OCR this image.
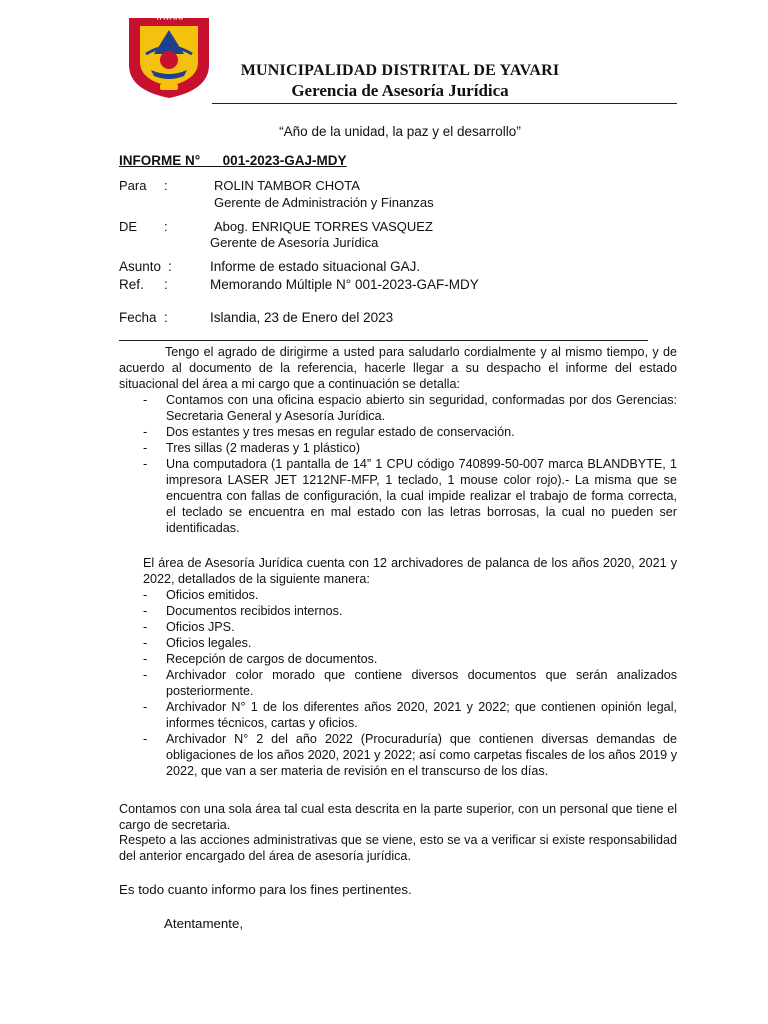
YAVARI
MUNICIPALIDAD DISTRITAL DE YAVARI
Gerencia de Asesoría Jurídica
“Año de la unidad, la paz y el desarrollo”
INFORME N° 001-2023-GAJ-MDY
Para :	ROLIN TAMBOR CHOTA
Gerente de Administración y Finanzas
DE :	Abog. ENRIQUE TORRES VASQUEZ
Gerente de Asesoría Jurídica
Asunto :	Informe de estado situacional GAJ.
Ref. :	Memorando Múltiple N° 001-2023-GAF-MDY
Fecha :	Islandia, 23 de Enero del 2023
Tengo el agrado de dirigirme a usted para saludarlo cordialmente y al mismo tiempo, y de acuerdo al documento de la referencia, hacerle llegar a su despacho el informe del estado situacional del área a mi cargo que a continuación se detalla:
- Contamos con una oficina espacio abierto sin seguridad, conformadas por dos Gerencias: Secretaria General y Asesoría Jurídica.
- Dos estantes y tres mesas en regular estado de conservación.
- Tres sillas (2 maderas y 1 plástico)
- Una computadora (1 pantalla de 14” 1 CPU código 740899-50-007 marca BLANDBYTE, 1 impresora LASER JET 1212NF-MFP, 1 teclado, 1 mouse color rojo).- La misma que se encuentra con fallas de configuración, la cual impide realizar el trabajo de forma correcta, el teclado se encuentra en mal estado con las letras borrosas, la cual no pueden ser identificadas.
El área de Asesoría Jurídica cuenta con 12 archivadores de palanca de los años 2020, 2021 y 2022, detallados de la siguiente manera:
- Oficios emitidos.
- Documentos recibidos internos.
- Oficios JPS.
- Oficios legales.
- Recepción de cargos de documentos.
- Archivador color morado que contiene diversos documentos que serán analizados posteriormente.
- Archivador N° 1 de los diferentes años 2020, 2021 y 2022; que contienen opinión legal, informes técnicos, cartas y oficios.
- Archivador N° 2 del año 2022 (Procuraduría) que contienen diversas demandas de obligaciones de los años 2020, 2021 y 2022; así como carpetas fiscales de los años 2019 y 2022, que van a ser materia de revisión en el transcurso de los días.
Contamos con una sola área tal cual esta descrita en la parte superior, con un personal que tiene el cargo de secretaria.
Respeto a las acciones administrativas que se viene, esto se va a verificar si existe responsabilidad del anterior encargado del área de asesoría jurídica.
Es todo cuanto informo para los fines pertinentes.
Atentamente,
